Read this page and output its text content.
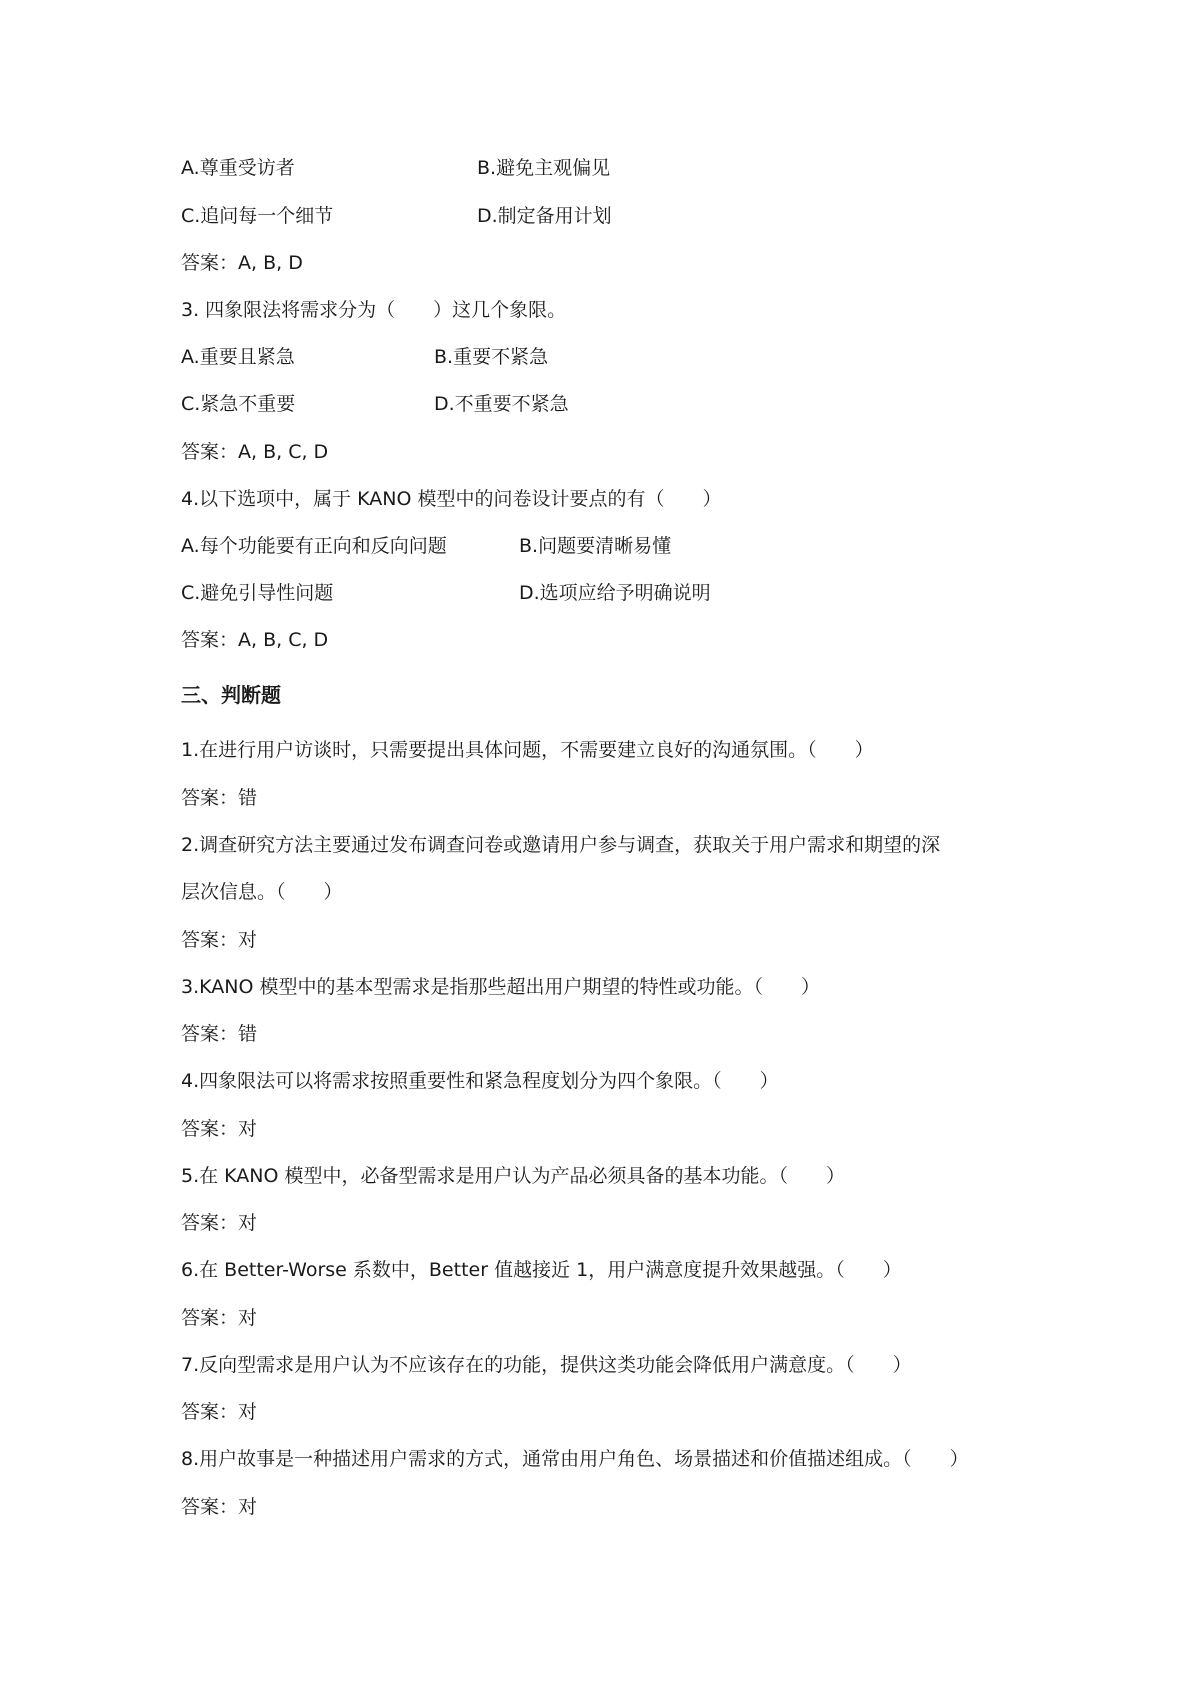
A.尊重受访者	B.避免主观偏见
C.追问每一个细节	D.制定备用计划
答案：A, B, D
3. 四象限法将需求分为（　　）这几个象限。
A.重要且紧急	B.重要不紧急
C.紧急不重要	D.不重要不紧急
答案：A, B, C, D
4.以下选项中，属于 KANO 模型中的问卷设计要点的有（　　）
A.每个功能要有正向和反向问题	B.问题要清晰易懂
C.避免引导性问题	D.选项应给予明确说明
答案：A, B, C, D
三、判断题
1.在进行用户访谈时，只需要提出具体问题，不需要建立良好的沟通氛围。（　　）
答案：错
2.调查研究方法主要通过发布调查问卷或邀请用户参与调查，获取关于用户需求和期望的深
层次信息。（　　）
答案：对
3.KANO 模型中的基本型需求是指那些超出用户期望的特性或功能。（　　）
答案：错
4.四象限法可以将需求按照重要性和紧急程度划分为四个象限。（　　）
答案：对
5.在 KANO 模型中，必备型需求是用户认为产品必须具备的基本功能。（　　）
答案：对
6.在 Better-Worse 系数中，Better 值越接近 1，用户满意度提升效果越强。（　　）
答案：对
7.反向型需求是用户认为不应该存在的功能，提供这类功能会降低用户满意度。（　　）
答案：对
8.用户故事是一种描述用户需求的方式，通常由用户角色、场景描述和价值描述组成。（　　）
答案：对
